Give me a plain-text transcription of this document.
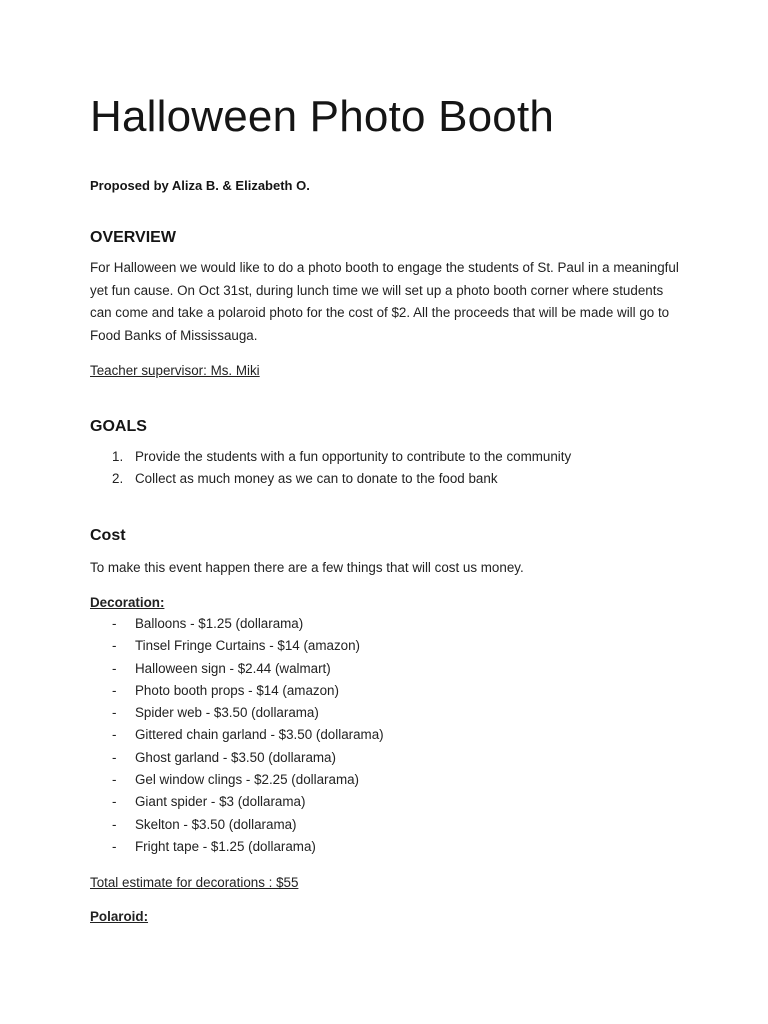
Halloween Photo Booth

Proposed by Aliza B. & Elizabeth O.

OVERVIEW

For Halloween we would like to do a photo booth to engage the students of St. Paul in a meaningful yet fun cause. On Oct 31st, during lunch time we will set up a photo booth corner where students can come and take a polaroid photo for the cost of $2. All the proceeds that will be made will go to Food Banks of Mississauga.

Teacher supervisor: Ms. Miki

GOALS
1. Provide the students with a fun opportunity to contribute to the community
2. Collect as much money as we can to donate to the food bank
Cost

To make this event happen there are a few things that will cost us money.

Decoration:

- Balloons - $1.25 (dollarama)
- Tinsel Fringe Curtains - $14 (amazon)
- Halloween sign - $2.44 (walmart)
- Photo booth props - $14 (amazon)
- Spider web - $3.50 (dollarama)
- Gittered chain garland - $3.50 (dollarama)
- Ghost garland - $3.50 (dollarama)
- Gel window clings - $2.25 (dollarama)
- Giant spider - $3 (dollarama)
- Skelton - $3.50 (dollarama)
- Fright tape - $1.25 (dollarama)

Total estimate for decorations : $55

Polaroid:
